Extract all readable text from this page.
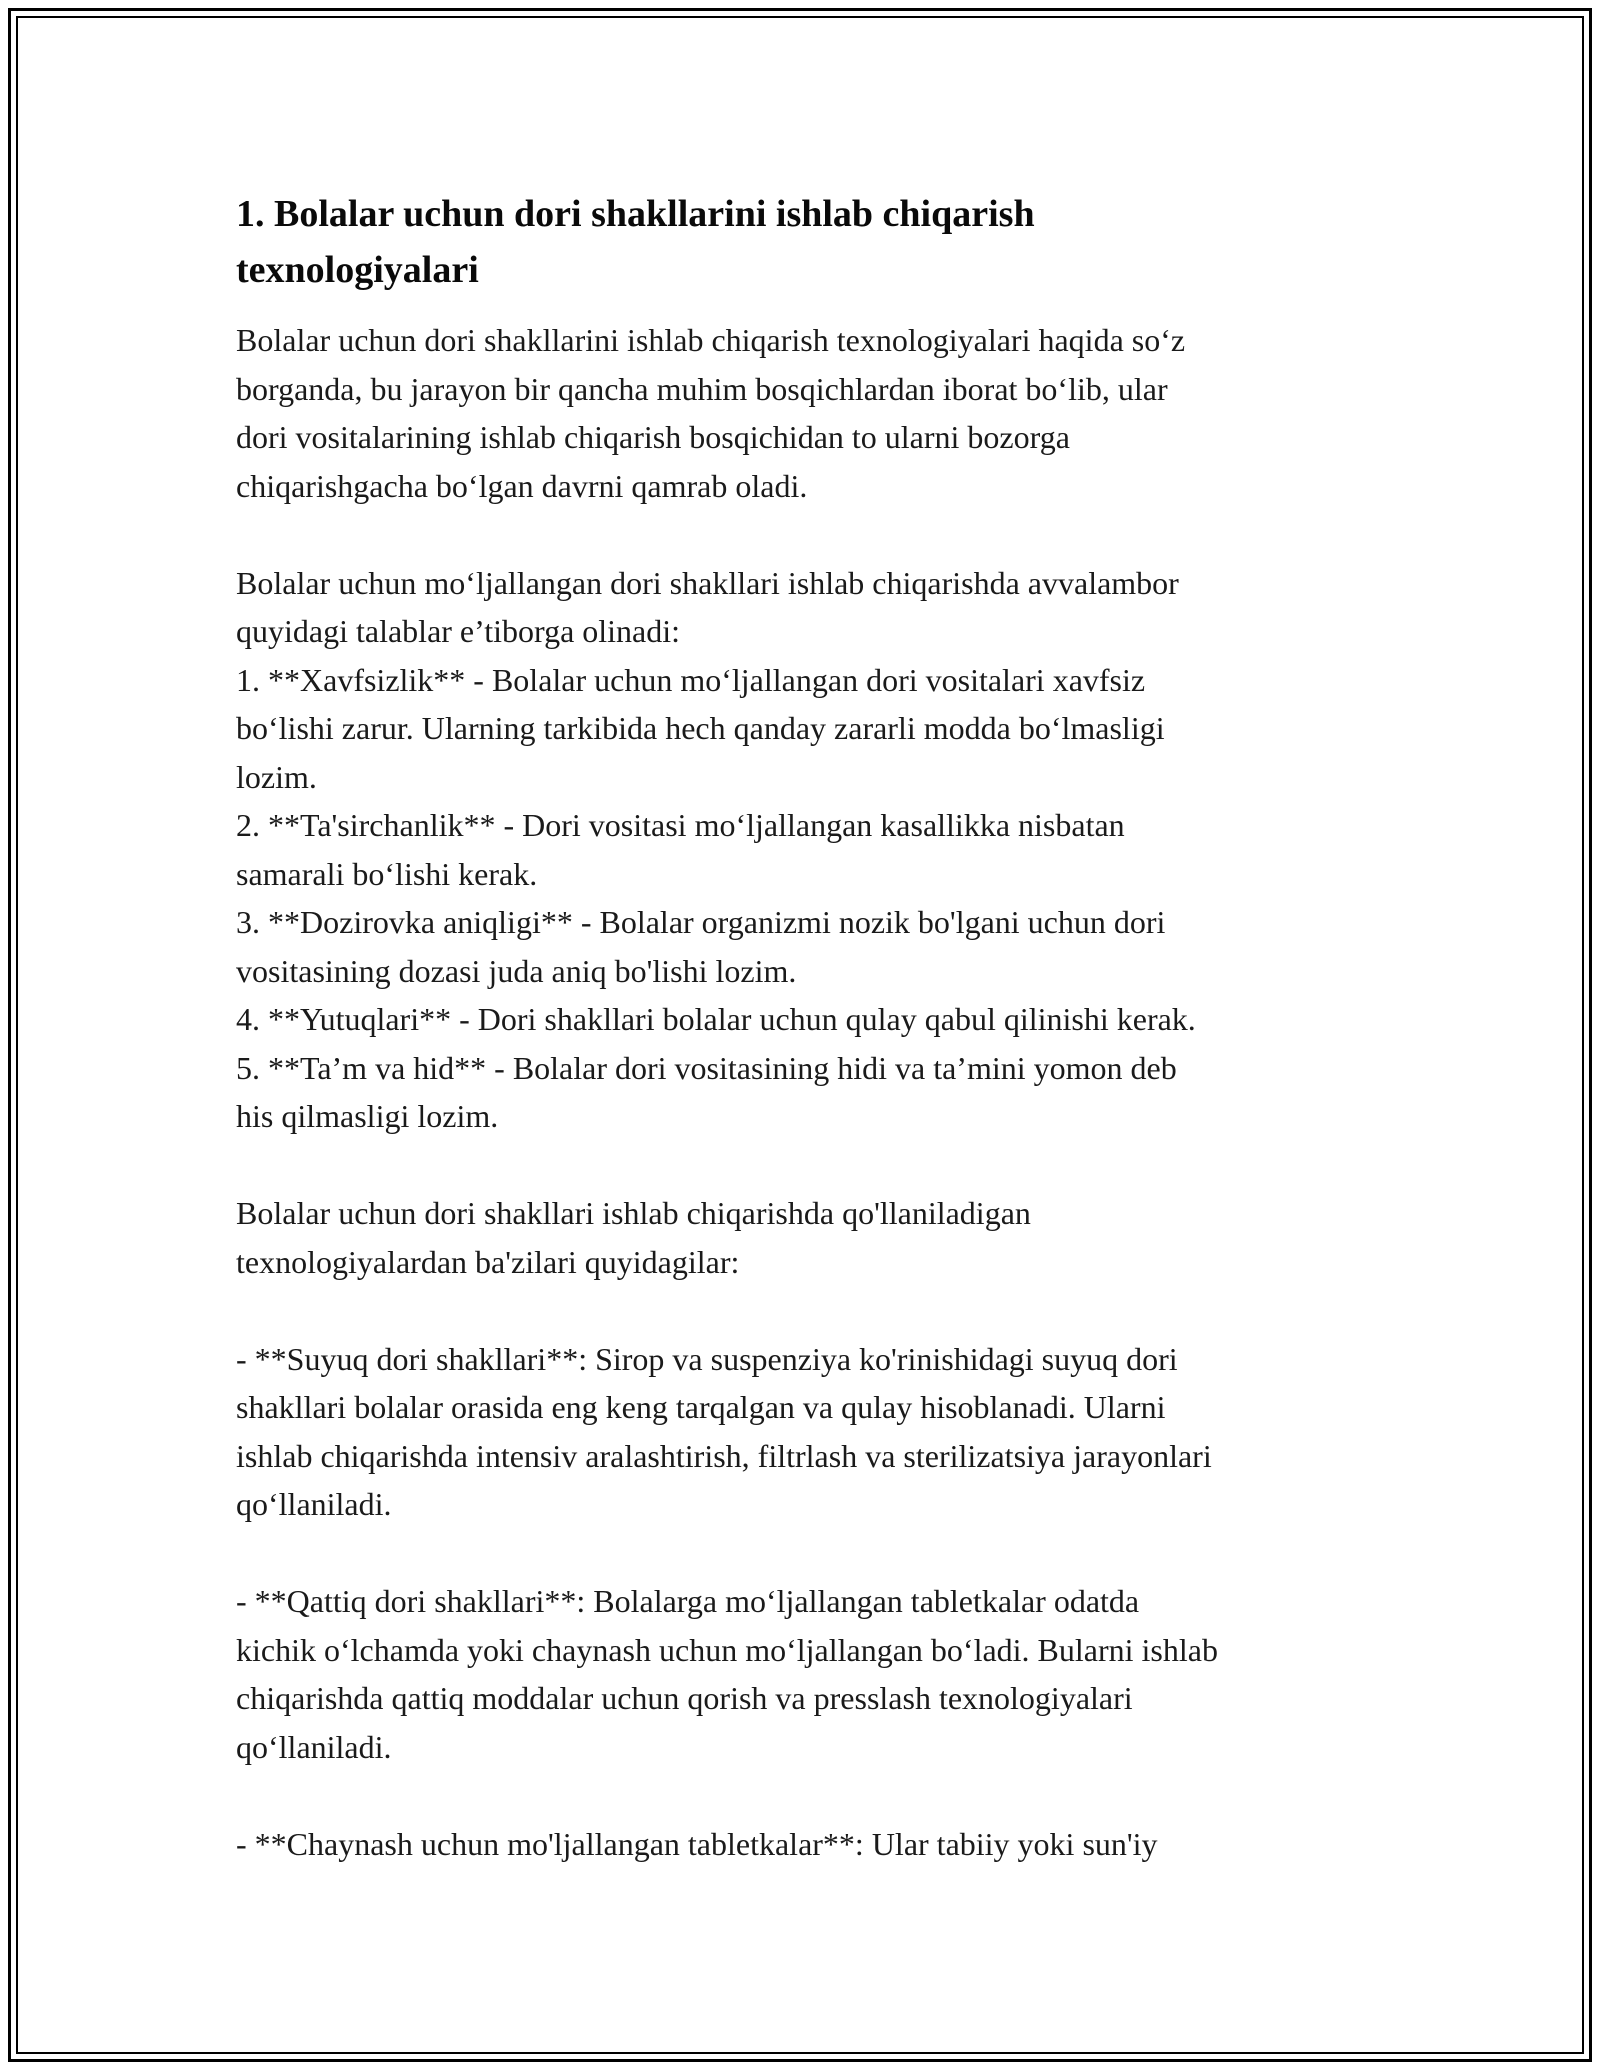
1. Bolalar uchun dori shakllarini ishlab chiqarish
texnologiyalari
Bolalar uchun dori shakllarini ishlab chiqarish texnologiyalari haqida so‘z
borganda, bu jarayon bir qancha muhim bosqichlardan iborat bo‘lib, ular
dori vositalarining ishlab chiqarish bosqichidan to ularni bozorga
chiqarishgacha bo‘lgan davrni qamrab oladi.
Bolalar uchun mo‘ljallangan dori shakllari ishlab chiqarishda avvalambor
quyidagi talablar e’tiborga olinadi:
1. **Xavfsizlik** - Bolalar uchun mo‘ljallangan dori vositalari xavfsiz
bo‘lishi zarur. Ularning tarkibida hech qanday zararli modda bo‘lmasligi
lozim.
2. **Ta'sirchanlik** - Dori vositasi mo‘ljallangan kasallikka nisbatan
samarali bo‘lishi kerak.
3. **Dozirovka aniqligi** - Bolalar organizmi nozik bo'lgani uchun dori
vositasining dozasi juda aniq bo'lishi lozim.
4. **Yutuqlari** - Dori shakllari bolalar uchun qulay qabul qilinishi kerak.
5. **Ta’m va hid** - Bolalar dori vositasining hidi va ta’mini yomon deb
his qilmasligi lozim.
Bolalar uchun dori shakllari ishlab chiqarishda qo'llaniladigan
texnologiyalardan ba'zilari quyidagilar:
- **Suyuq dori shakllari**: Sirop va suspenziya ko'rinishidagi suyuq dori
shakllari bolalar orasida eng keng tarqalgan va qulay hisoblanadi. Ularni
ishlab chiqarishda intensiv aralashtirish, filtrlash va sterilizatsiya jarayonlari
qo‘llaniladi.
- **Qattiq dori shakllari**: Bolalarga mo‘ljallangan tabletkalar odatda
kichik o‘lchamda yoki chaynash uchun mo‘ljallangan bo‘ladi. Bularni ishlab
chiqarishda qattiq moddalar uchun qorish va presslash texnologiyalari
qo‘llaniladi.
- **Chaynash uchun mo'ljallangan tabletkalar**: Ular tabiiy yoki sun'iy
